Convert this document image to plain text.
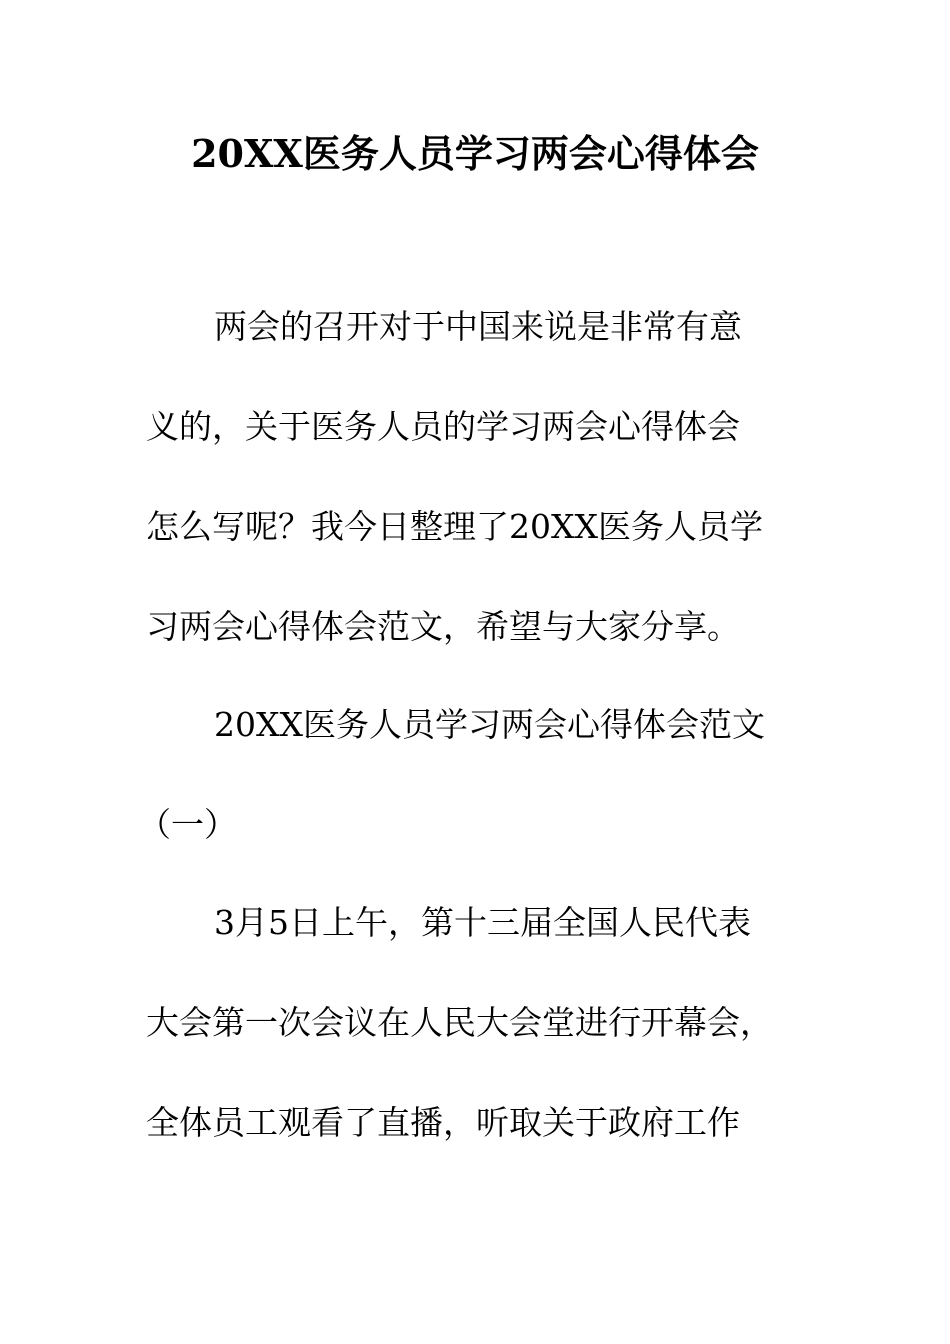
20XX医务人员学习两会心得体会
两会的召开对于中国来说是非常有意
义的，关于医务人员的学习两会心得体会
怎么写呢？我今日整理了20XX医务人员学
习两会心得体会范文，希望与大家分享。
20XX医务人员学习两会心得体会范文
（一）
3月5日上午，第十三届全国人民代表
大会第一次会议在人民大会堂进行开幕会，
全体员工观看了直播，听取关于政府工作
